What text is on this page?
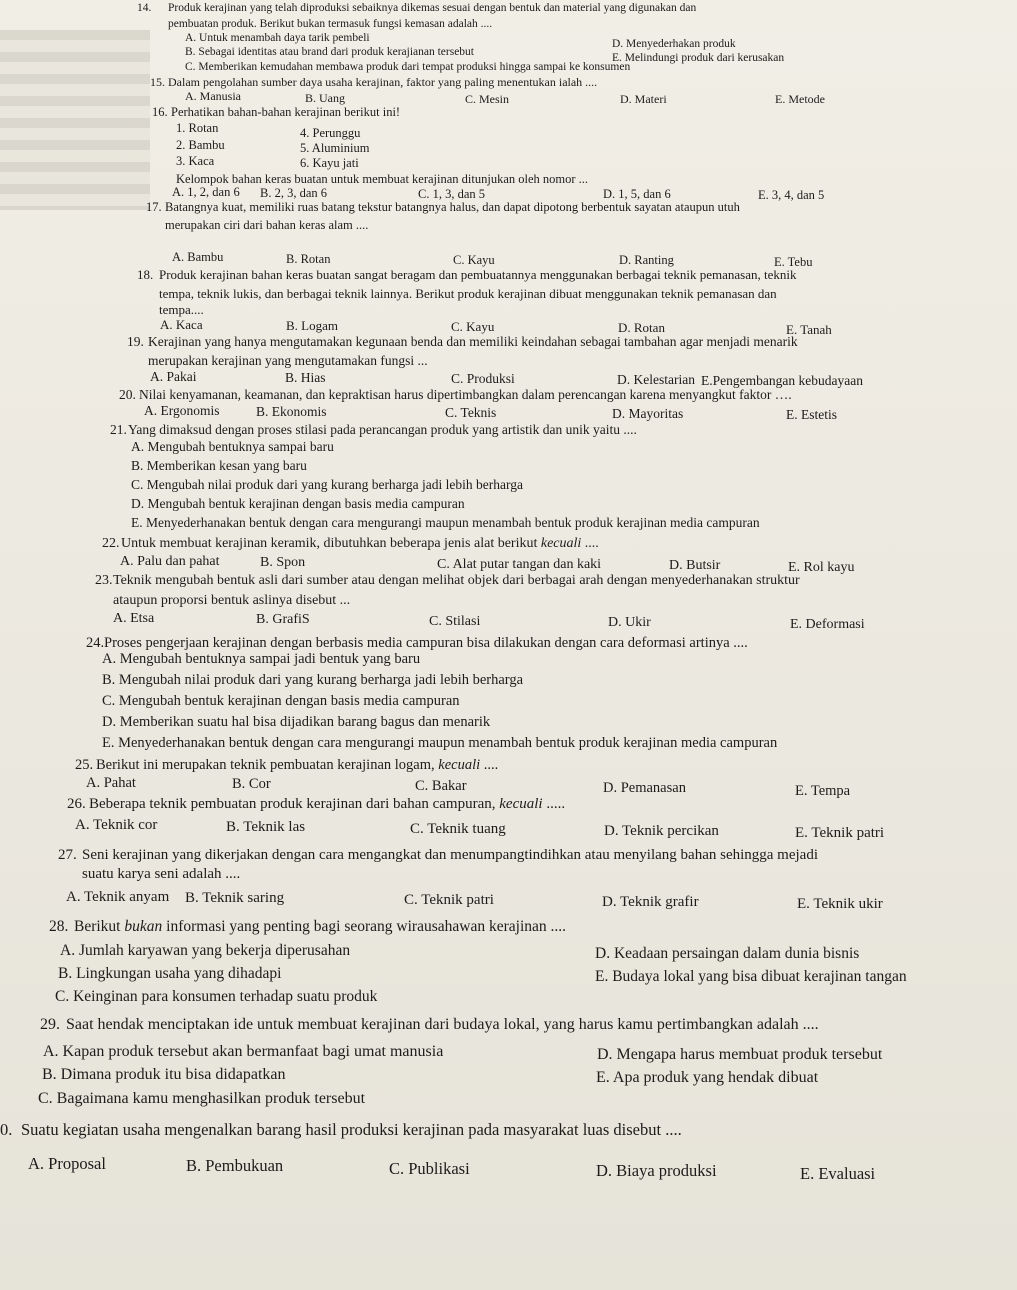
14. Produk kerajinan yang telah diproduksi sebaiknya dikemas sesuai dengan bentuk dan material yang digunakan dan
pembuatan produk. Berikut bukan termasuk fungsi kemasan adalah ....
A. Untuk menambah daya tarik pembeli	D. Menyederhakan produk
B. Sebagai identitas atau brand dari produk kerajianan tersebut	E. Melindungi produk dari kerusakan
C. Memberikan kemudahan membawa produk dari tempat produksi hingga sampai ke konsumen
15. Dalam pengolahan sumber daya usaha kerajinan, faktor yang paling menentukan ialah ....
A. Manusia	B. Uang	C. Mesin	D. Materi	E. Metode
16. Perhatikan bahan-bahan kerajinan berikut ini!
1. Rotan
2. Bambu
3. Kaca
4. Perunggu
5. Aluminium
6. Kayu jati
Kelompok bahan keras buatan untuk membuat kerajinan ditunjukan oleh nomor ...
A. 1, 2, dan 6 B. 2, 3, dan 6	C. 1, 3, dan 5	D. 1, 5, dan 6	E. 3, 4, dan 5
17. Batangnya kuat, memiliki ruas batang tekstur batangnya halus, dan dapat dipotong berbentuk sayatan ataupun utuh
merupakan ciri dari bahan keras alam ....
A. Bambu	B. Rotan	C. Kayu	D. Ranting	E. Tebu
18. Produk kerajinan bahan keras buatan sangat beragam dan pembuatannya menggunakan berbagai teknik pemanasan, teknik
tempa, teknik lukis, dan berbagai teknik lainnya. Berikut produk kerajinan dibuat menggunakan teknik pemanasan dan
tempa....
A. Kaca	B. Logam	C. Kayu	D. Rotan	E. Tanah
19. Kerajinan yang hanya mengutamakan kegunaan benda dan memiliki keindahan sebagai tambahan agar menjadi menarik
merupakan kerajinan yang mengutamakan fungsi ...
A. Pakai	B. Hias	C. Produksi	D. Kelestarian E.Pengembangan kebudayaan
20. Nilai kenyamanan, keamanan, dan kepraktisan harus dipertimbangkan dalam perencangan karena menyangkut faktor ….
A. Ergonomis	B. Ekonomis	C. Teknis	D. Mayoritas	E. Estetis
21. Yang dimaksud dengan proses stilasi pada perancangan produk yang artistik dan unik yaitu ....
A. Mengubah bentuknya sampai baru
B. Memberikan kesan yang baru
C. Mengubah nilai produk dari yang kurang berharga jadi lebih berharga
D. Mengubah bentuk kerajinan dengan basis media campuran
E. Menyederhanakan bentuk dengan cara mengurangi maupun menambah bentuk produk kerajinan media campuran
22. Untuk membuat kerajinan keramik, dibutuhkan beberapa jenis alat berikut kecuali ....
A. Palu dan pahat	B. Spon	C. Alat putar tangan dan kaki	D. Butsir	E. Rol kayu
23. Teknik mengubah bentuk asli dari sumber atau dengan melihat objek dari berbagai arah dengan menyederhanakan struktur
ataupun proporsi bentuk aslinya disebut ...
A. Etsa	B. GrafiS	C. Stilasi	D. Ukir	E. Deformasi
24. Proses pengerjaan kerajinan dengan berbasis media campuran bisa dilakukan dengan cara deformasi artinya ....
A. Mengubah bentuknya sampai jadi bentuk yang baru
B. Mengubah nilai produk dari yang kurang berharga jadi lebih berharga
C. Mengubah bentuk kerajinan dengan basis media campuran
D. Memberikan suatu hal bisa dijadikan barang bagus dan menarik
E. Menyederhanakan bentuk dengan cara mengurangi maupun menambah bentuk produk kerajinan media campuran
25. Berikut ini merupakan teknik pembuatan kerajinan logam, kecuali ....
A. Pahat	B. Cor	C. Bakar	D. Pemanasan	E. Tempa
26. Beberapa teknik pembuatan produk kerajinan dari bahan campuran, kecuali .....
A. Teknik cor	B. Teknik las	C. Teknik tuang	D. Teknik percikan	E. Teknik patri
27. Seni kerajinan yang dikerjakan dengan cara mengangkat dan menumpangtindihkan atau menyilang bahan sehingga mejadi
suatu karya seni adalah ....
A. Teknik anyam B. Teknik saring	C. Teknik patri	D. Teknik grafir	E. Teknik ukir
28. Berikut bukan informasi yang penting bagi seorang wirausahawan kerajinan ....
A. Jumlah karyawan yang bekerja diperusahan	D. Keadaan persaingan dalam dunia bisnis
B. Lingkungan usaha yang dihadapi	E. Budaya lokal yang bisa dibuat kerajinan tangan
C. Keinginan para konsumen terhadap suatu produk
29. Saat hendak menciptakan ide untuk membuat kerajinan dari budaya lokal, yang harus kamu pertimbangkan adalah ....
A. Kapan produk tersebut akan bermanfaat bagi umat manusia	D. Mengapa harus membuat produk tersebut
B. Dimana produk itu bisa didapatkan	E. Apa produk yang hendak dibuat
C. Bagaimana kamu menghasilkan produk tersebut
0. Suatu kegiatan usaha mengenalkan barang hasil produksi kerajinan pada masyarakat luas disebut ....
A. Proposal	B. Pembukuan	C. Publikasi	D. Biaya produksi	E. Evaluasi
